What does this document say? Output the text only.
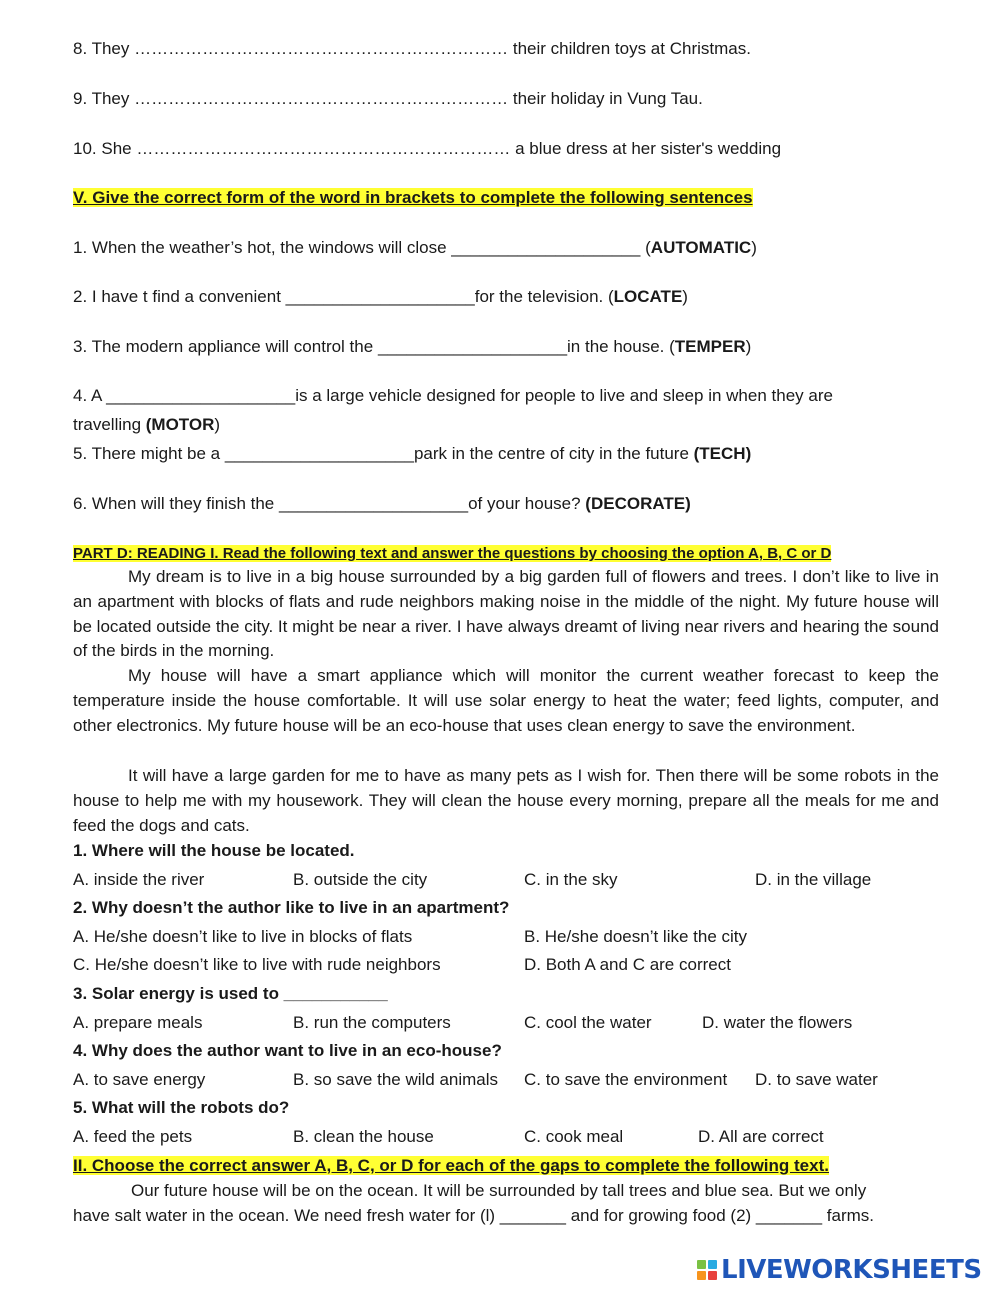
8. They ………………………………………………………… their children toys at Christmas.
9. They ………………………………………………………… their holiday in Vung Tau.
10. She ………………………………………………………… a blue dress at her sister's wedding
V. Give the correct form of the word in brackets to complete the following sentences
1. When the weather’s hot, the windows will close ____________________ (AUTOMATIC)
2. I have t find a convenient ____________________for the television. (LOCATE)
3. The modern appliance will control the ____________________in the house. (TEMPER)
4. A ____________________is a large vehicle designed for people to live and sleep in when they are
travelling (MOTOR)
5. There might be a ____________________park in the centre of city in the future (TECH)
6. When will they finish the ____________________of your house? (DECORATE)
PART D: READING I. Read the following text and answer the questions by choosing the option A, B, C or D
My dream is to live in a big house surrounded by a big garden full of flowers and trees. I don’t like to live in an apartment with blocks of flats and rude neighbors making noise in the middle of the night. My future house will be located outside the city. It might be near a river. I have always dreamt of living near rivers and hearing the sound of the birds in the morning.
My house will have a smart appliance which will monitor the current weather forecast to keep the temperature inside the house comfortable. It will use solar energy to heat the water; feed lights, computer, and other electronics. My future house will be an eco-house that uses clean energy to save the environment.
It will have a large garden for me to have as many pets as I wish for. Then there will be some robots in the house to help me with my housework. They will clean the house every morning, prepare all the meals for me and feed the dogs and cats.
1. Where will the house be located.
A. inside the river	B. outside the city	C. in the sky	D. in the village
2. Why doesn’t the author like to live in an apartment?
A. He/she doesn’t like to live in blocks of flats	B. He/she doesn’t like the city
C. He/she doesn’t like to live with rude neighbors	D. Both A and C are correct
3. Solar energy is used to ___________
A. prepare meals	B. run the computers	C. cool the water	D. water the flowers
4. Why does the author want to live in an eco-house?
A. to save energy	B. so save the wild animals C. to save the environment D. to save water
5. What will the robots do?
A. feed the pets	B. clean the house	C. cook meal	D. All are correct
II. Choose the correct answer A, B, C, or D for each of the gaps to complete the following text.
Our future house will be on the ocean. It will be surrounded by tall trees and blue sea. But we only
have salt water in the ocean. We need fresh water for (l) _______ and for growing food (2) _______ farms.
LIVEWORKSHEETS
